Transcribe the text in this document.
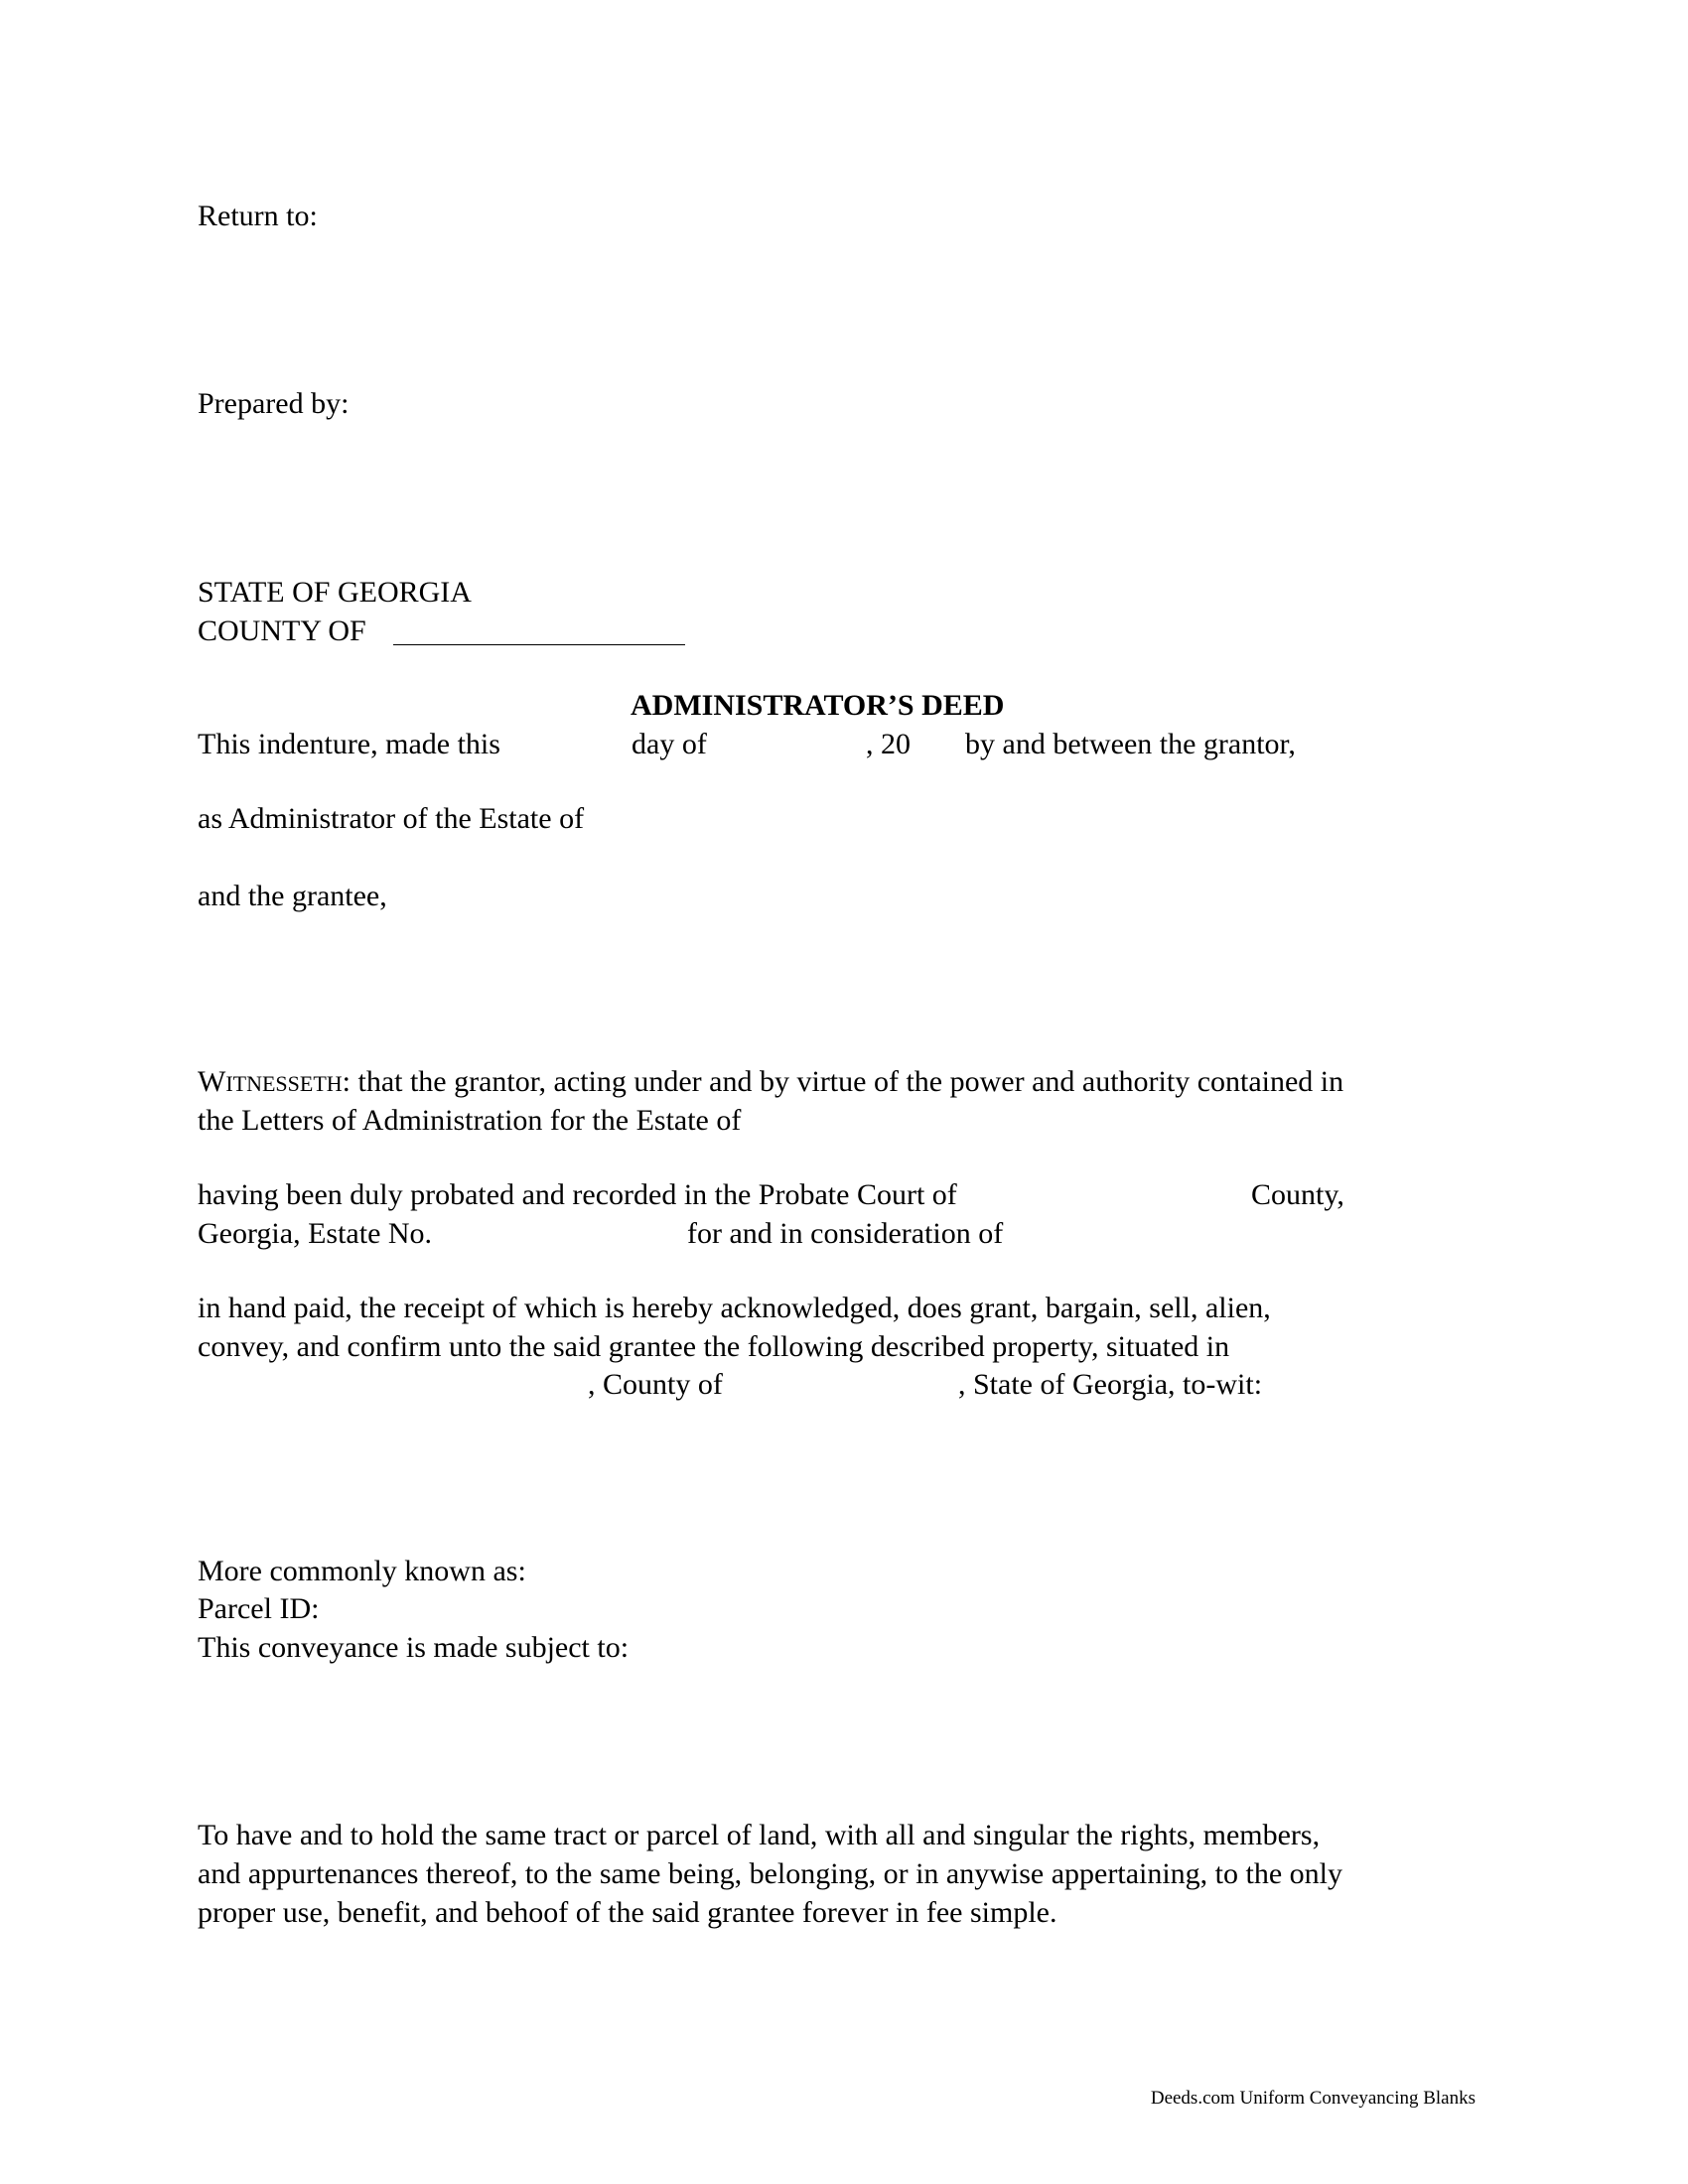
Return to:
Prepared by:
STATE OF GEORGIA
COUNTY OF
ADMINISTRATOR’S DEED
This indenture, made this	day of	, 20 by and between the grantor,
as Administrator of the Estate of
and the grantee,
WITNESSETH: that the grantor, acting under and by virtue of the power and authority contained in
the Letters of Administration for the Estate of
having been duly probated and recorded in the Probate Court of	County,
Georgia, Estate No.	for and in consideration of
in hand paid, the receipt of which is hereby acknowledged, does grant, bargain, sell, alien,
convey, and confirm unto the said grantee the following described property, situated in
, County of	, State of Georgia, to-wit:
More commonly known as:
Parcel ID:
This conveyance is made subject to:
To have and to hold the same tract or parcel of land, with all and singular the rights, members,
and appurtenances thereof, to the same being, belonging, or in anywise appertaining, to the only
proper use, benefit, and behoof of the said grantee forever in fee simple.
Deeds.com Uniform Conveyancing Blanks
